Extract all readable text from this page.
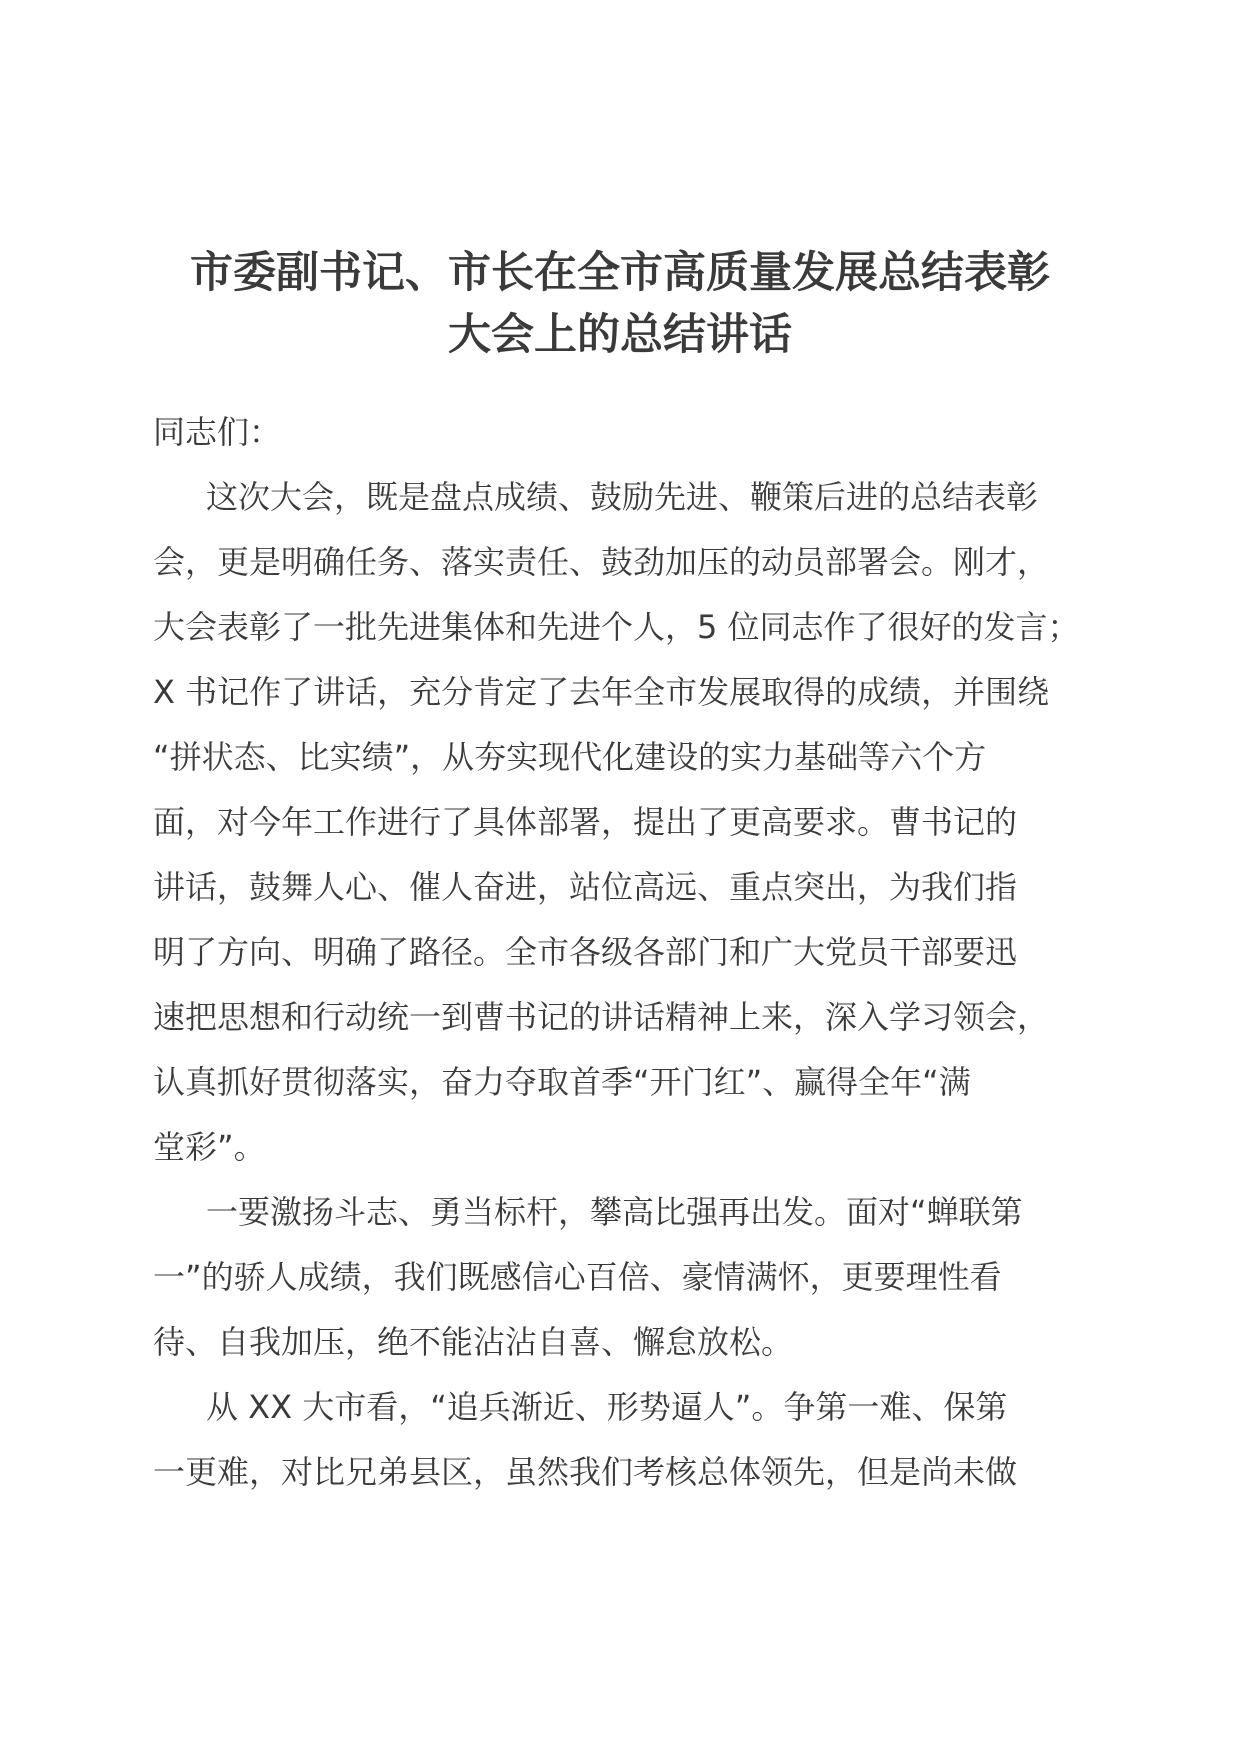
市委副书记、市长在全市高质量发展总结表彰
大会上的总结讲话
同志们：
这次大会，既是盘点成绩、鼓励先进、鞭策后进的总结表彰
会，更是明确任务、落实责任、鼓劲加压的动员部署会。刚才，
大会表彰了一批先进集体和先进个人，5 位同志作了很好的发言；
X 书记作了讲话，充分肯定了去年全市发展取得的成绩，并围绕
“拼状态、比实绩”，从夯实现代化建设的实力基础等六个方
面，对今年工作进行了具体部署，提出了更高要求。曹书记的
讲话，鼓舞人心、催人奋进，站位高远、重点突出，为我们指
明了方向、明确了路径。全市各级各部门和广大党员干部要迅
速把思想和行动统一到曹书记的讲话精神上来，深入学习领会，
认真抓好贯彻落实，奋力夺取首季“开门红”、赢得全年“满
堂彩”。
一要激扬斗志、勇当标杆，攀高比强再出发。面对“蝉联第
一”的骄人成绩，我们既感信心百倍、豪情满怀，更要理性看
待、自我加压，绝不能沾沾自喜、懈怠放松。
从 XX 大市看，“追兵渐近、形势逼人”。争第一难、保第
一更难，对比兄弟县区，虽然我们考核总体领先，但是尚未做
